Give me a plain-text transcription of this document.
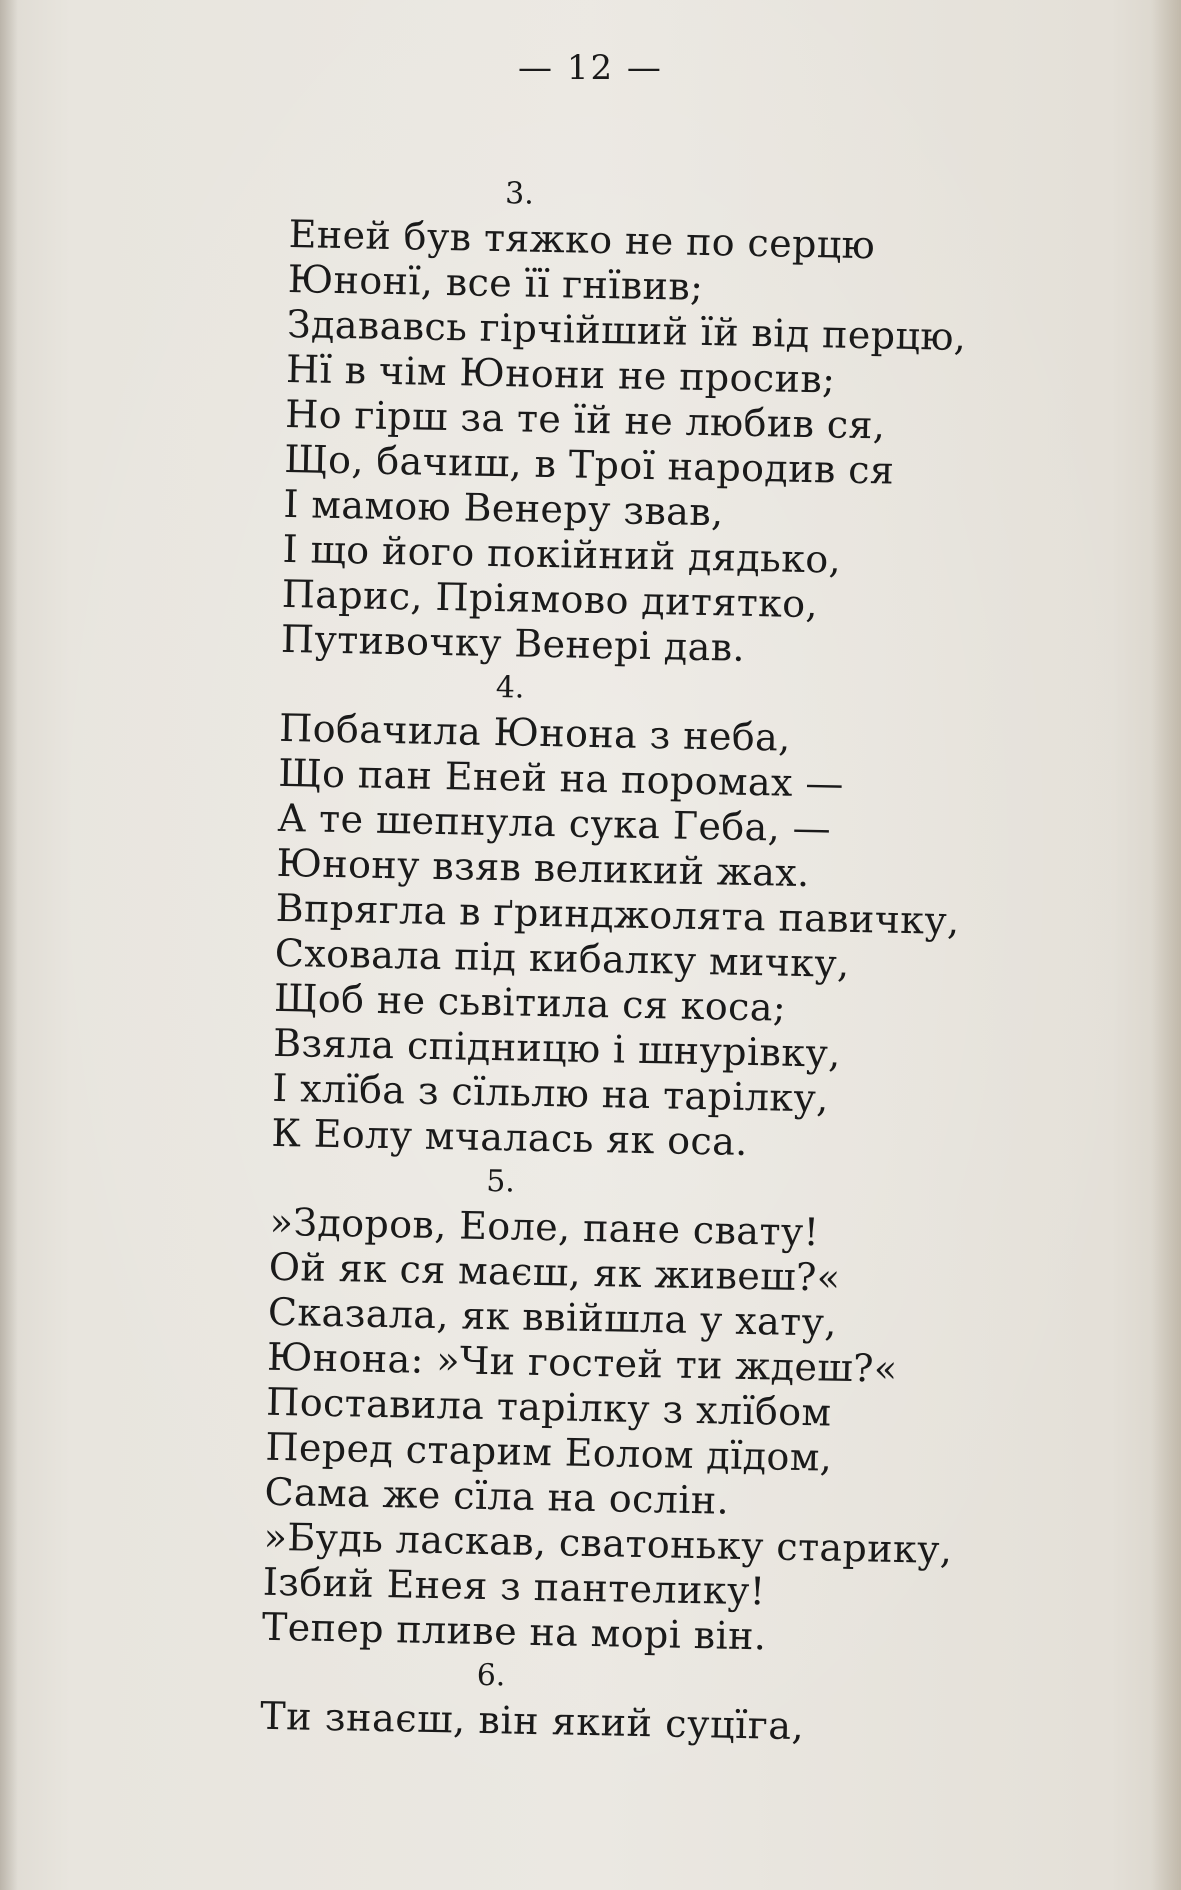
— 12 —
3.
Еней був тяжко не по серцю
Юнонї, все її гнївив;
Здававсь гірчійший їй від перцю,
Нї в чім Юнони не просив;
Но гірш за те їй не любив ся,
Що, бачиш, в Трої народив ся
І мамою Венеру звав,
І що його покійний дядько,
Парис, Пріямово дитятко,
Путивочку Венері дав.
4.
Побачила Юнона з неба,
Що пан Еней на поромах —
А те шепнула сука Геба, —
Юнону взяв великий жах.
Впрягла в ґринджолята павичку,
Сховала під кибалку мичку,
Щоб не сьвітила ся коса;
Взяла спідницю і шнурівку,
І хлїба з сїльлю на тарілку,
К Еолу мчалась як оса.
5.
»Здоров, Еоле, пане свату!
Ой як ся маєш, як живеш?«
Сказала, як ввійшла у хату,
Юнона: »Чи гостей ти ждеш?«
Поставила тарілку з хлїбом
Перед старим Еолом дїдом,
Сама же сїла на ослін.
»Будь ласкав, сватоньку старику,
Ізбий Енея з пантелику!
Тепер пливе на морі він.
6.
Ти знаєш, він який суцїга,
